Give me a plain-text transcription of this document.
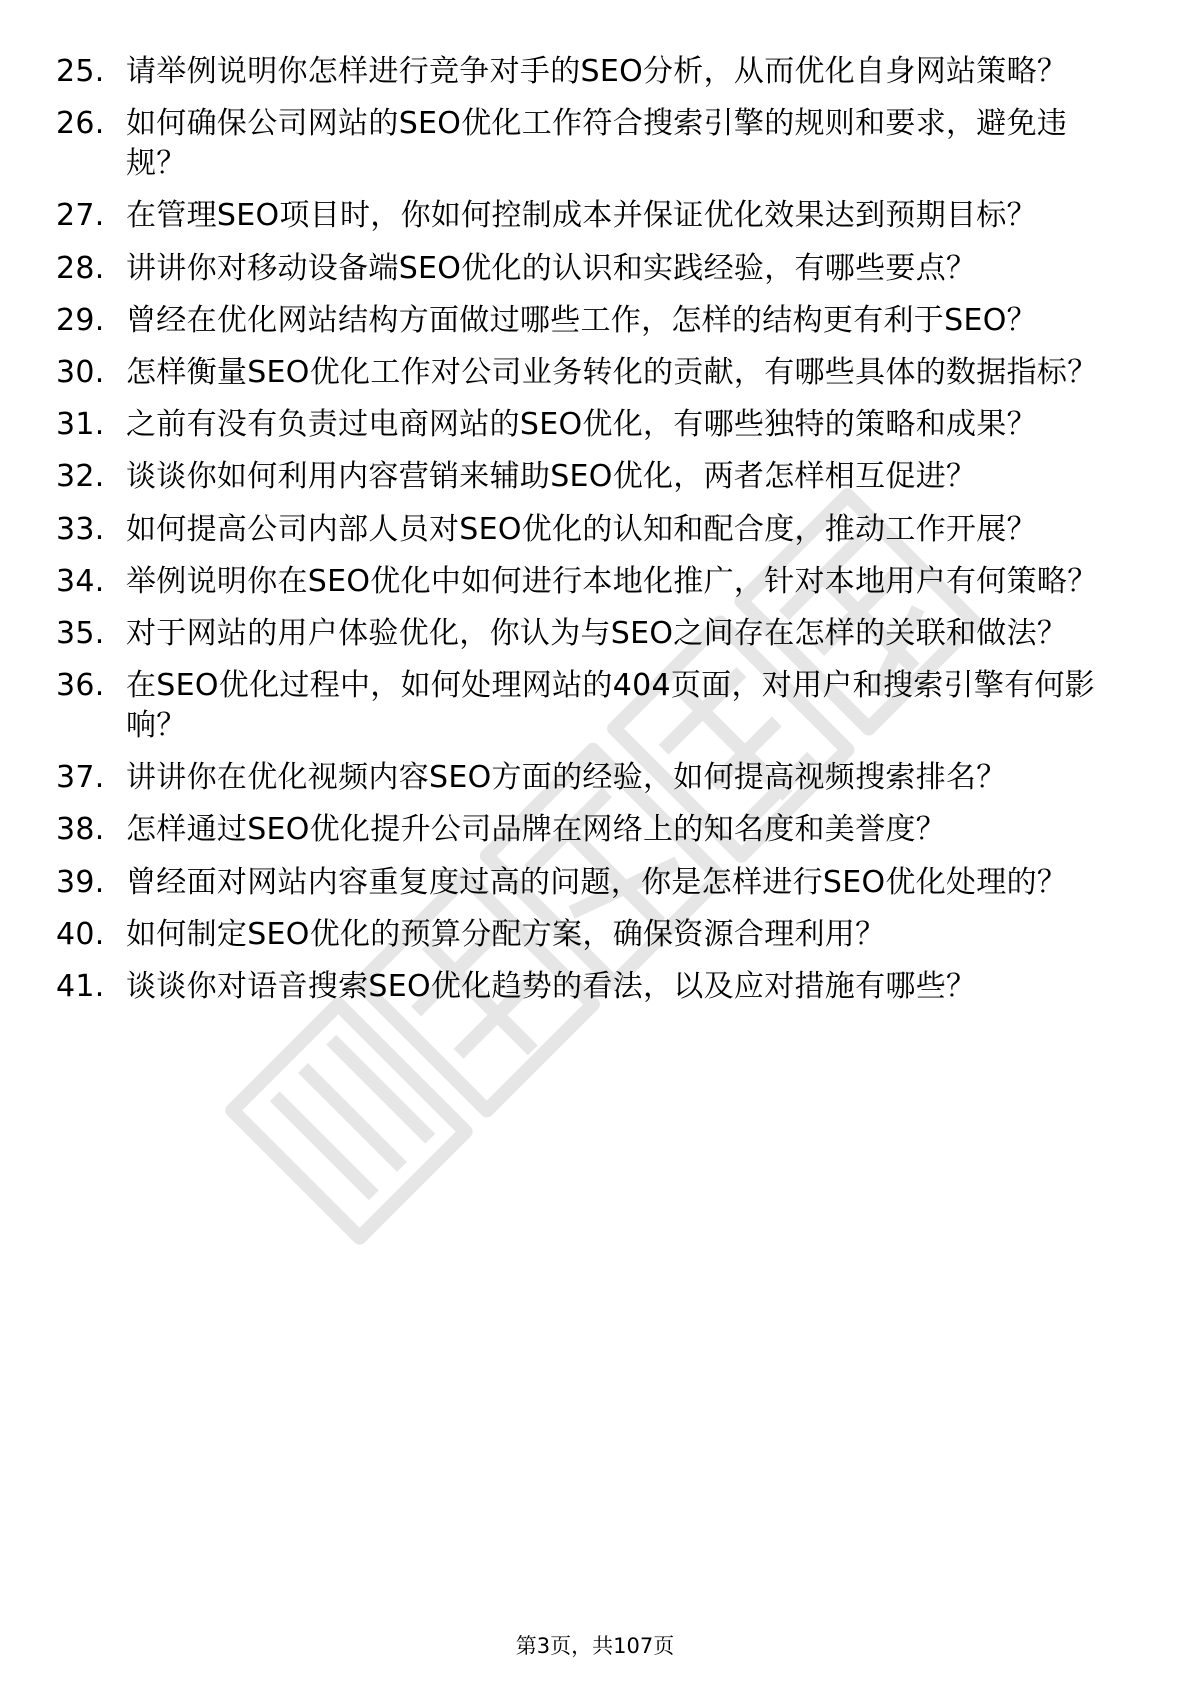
25. 请举例说明你怎样进行竞争对手的SEO分析，从而优化自身网站策略？
26. 如何确保公司网站的SEO优化工作符合搜索引擎的规则和要求，避免违规？
27. 在管理SEO项目时，你如何控制成本并保证优化效果达到预期目标？
28. 讲讲你对移动设备端SEO优化的认识和实践经验，有哪些要点？
29. 曾经在优化网站结构方面做过哪些工作，怎样的结构更有利于SEO？
30. 怎样衡量SEO优化工作对公司业务转化的贡献，有哪些具体的数据指标？
31. 之前有没有负责过电商网站的SEO优化，有哪些独特的策略和成果？
32. 谈谈你如何利用内容营销来辅助SEO优化，两者怎样相互促进？
33. 如何提高公司内部人员对SEO优化的认知和配合度，推动工作开展？
34. 举例说明你在SEO优化中如何进行本地化推广，针对本地用户有何策略？
35. 对于网站的用户体验优化，你认为与SEO之间存在怎样的关联和做法？
36. 在SEO优化过程中，如何处理网站的404页面，对用户和搜索引擎有何影响？
37. 讲讲你在优化视频内容SEO方面的经验，如何提高视频搜索排名？
38. 怎样通过SEO优化提升公司品牌在网络上的知名度和美誉度？
39. 曾经面对网站内容重复度过高的问题，你是怎样进行SEO优化处理的？
40. 如何制定SEO优化的预算分配方案，确保资源合理利用？
41. 谈谈你对语音搜索SEO优化趋势的看法，以及应对措施有哪些？
第3页，共107页
